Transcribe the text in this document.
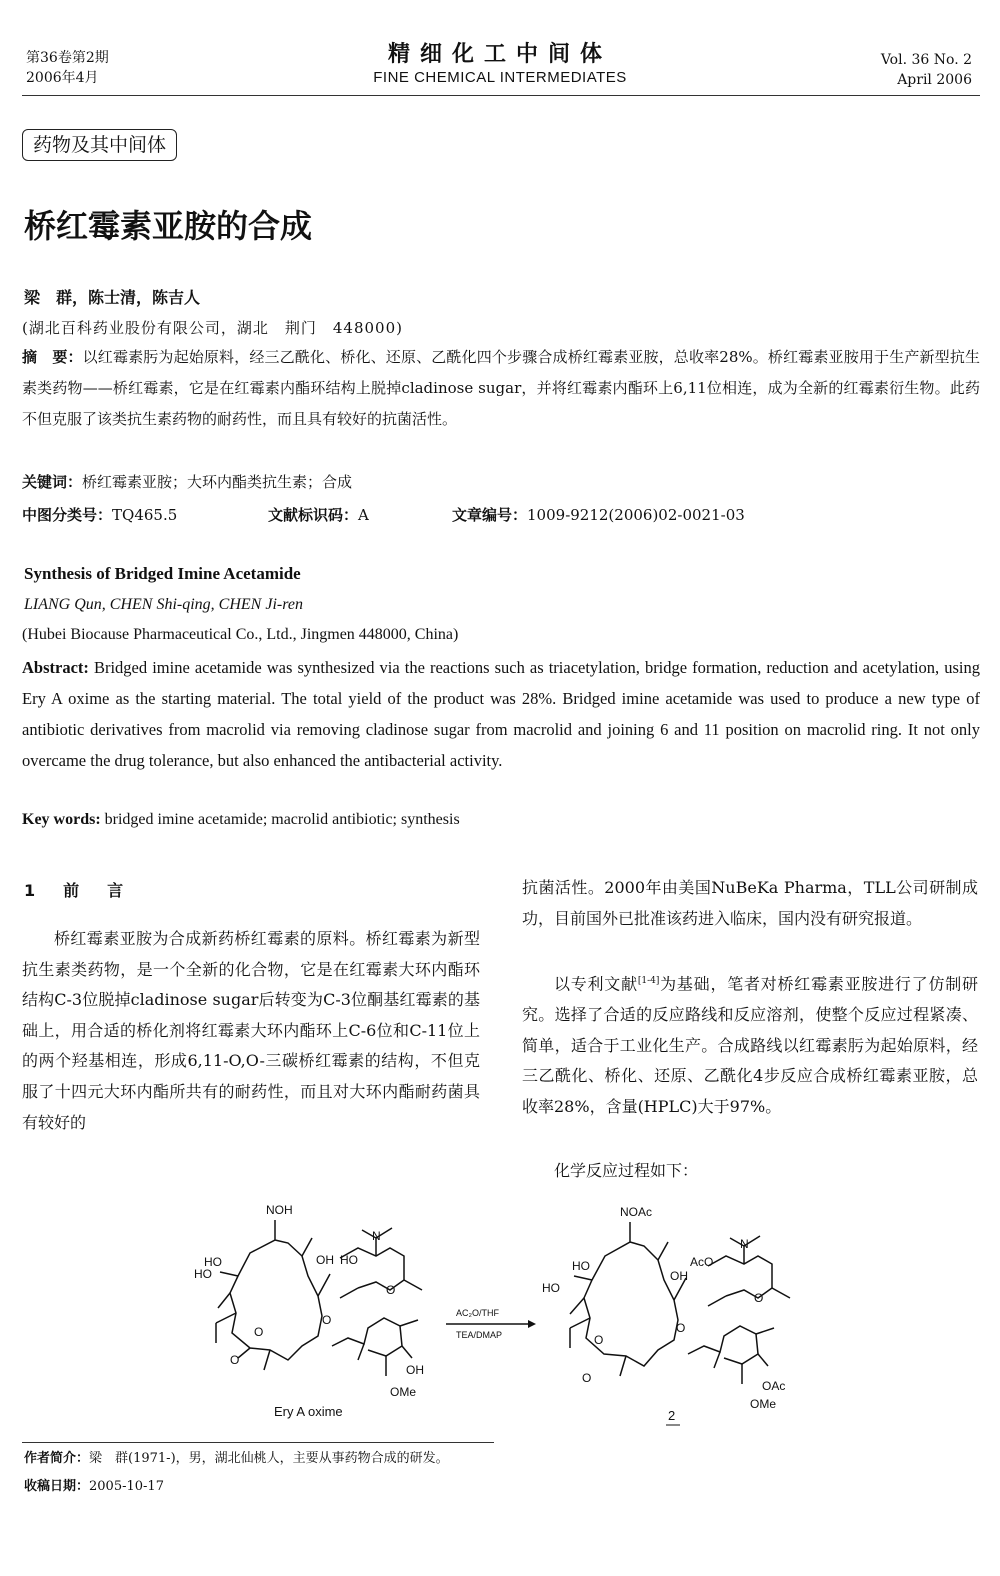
第36卷第2期
2006年4月
精细化工中间体
FINE CHEMICAL INTERMEDIATES
Vol. 36 No. 2
April 2006
药物及其中间体
桥红霉素亚胺的合成
梁　群，陈士清，陈吉人
(湖北百科药业股份有限公司，湖北　荆门　448000)
摘　要：以红霉素肟为起始原料，经三乙酰化、桥化、还原、乙酰化四个步骤合成桥红霉素亚胺，总收率28%。桥红霉素亚胺用于生产新型抗生素类药物——桥红霉素，它是在红霉素内酯环结构上脱掉cladinose sugar，并将红霉素内酯环上6,11位相连，成为全新的红霉素衍生物。此药不但克服了该类抗生素药物的耐药性，而且具有较好的抗菌活性。
关键词：桥红霉素亚胺；大环内酯类抗生素；合成
中图分类号：TQ465.5	文献标识码：A	文章编号：1009-9212(2006)02-0021-03
Synthesis of Bridged Imine Acetamide
LIANG Qun, CHEN Shi-qing, CHEN Ji-ren
(Hubei Biocause Pharmaceutical Co., Ltd., Jingmen 448000, China)
Abstract: Bridged imine acetamide was synthesized via the reactions such as triacetylation, bridge formation, reduction and acetylation, using Ery A oxime as the starting material. The total yield of the product was 28%. Bridged imine acetamide was used to produce a new type of antibiotic derivatives from macrolid via removing cladinose sugar from macrolid and joining 6 and 11 position on macrolid ring. It not only overcame the drug tolerance, but also enhanced the antibacterial activity.
Key words: bridged imine acetamide; macrolid antibiotic; synthesis
1　前　言
桥红霉素亚胺为合成新药桥红霉素的原料。桥红霉素为新型抗生素类药物，是一个全新的化合物，它是在红霉素大环内酯环结构C-3位脱掉cladinose sugar后转变为C-3位酮基红霉素的基础上，用合适的桥化剂将红霉素大环内酯环上C-6位和C-11位上的两个羟基相连，形成6,11-O,O-三碳桥红霉素的结构，不但克服了十四元大环内酯所共有的耐药性，而且对大环内酯耐药菌具有较好的
抗菌活性。2000年由美国NuBeKa Pharma，TLL公司研制成功，目前国外已批准该药进入临床，国内没有研究报道。
以专利文献[1-4]为基础，笔者对桥红霉素亚胺进行了仿制研究。选择了合适的反应路线和反应溶剂，使整个反应过程紧凑、简单，适合于工业化生产。合成路线以红霉素肟为起始原料，经三乙酰化、桥化、还原、乙酰化4步反应合成桥红霉素亚胺，总收率28%，含量(HPLC)大于97%。
化学反应过程如下：
NOH
HO
HO
OH HO
N
O
O
O
O
OH
OMe
Ery A oxime
AC₂O/THF
TEA/DMAP
NOAc
HO
HO
OH
AcO
N
O
O
O
O
OAc
OMe
2
作者简介：梁　群(1971-)，男，湖北仙桃人，主要从事药物合成的研发。
收稿日期：2005-10-17
